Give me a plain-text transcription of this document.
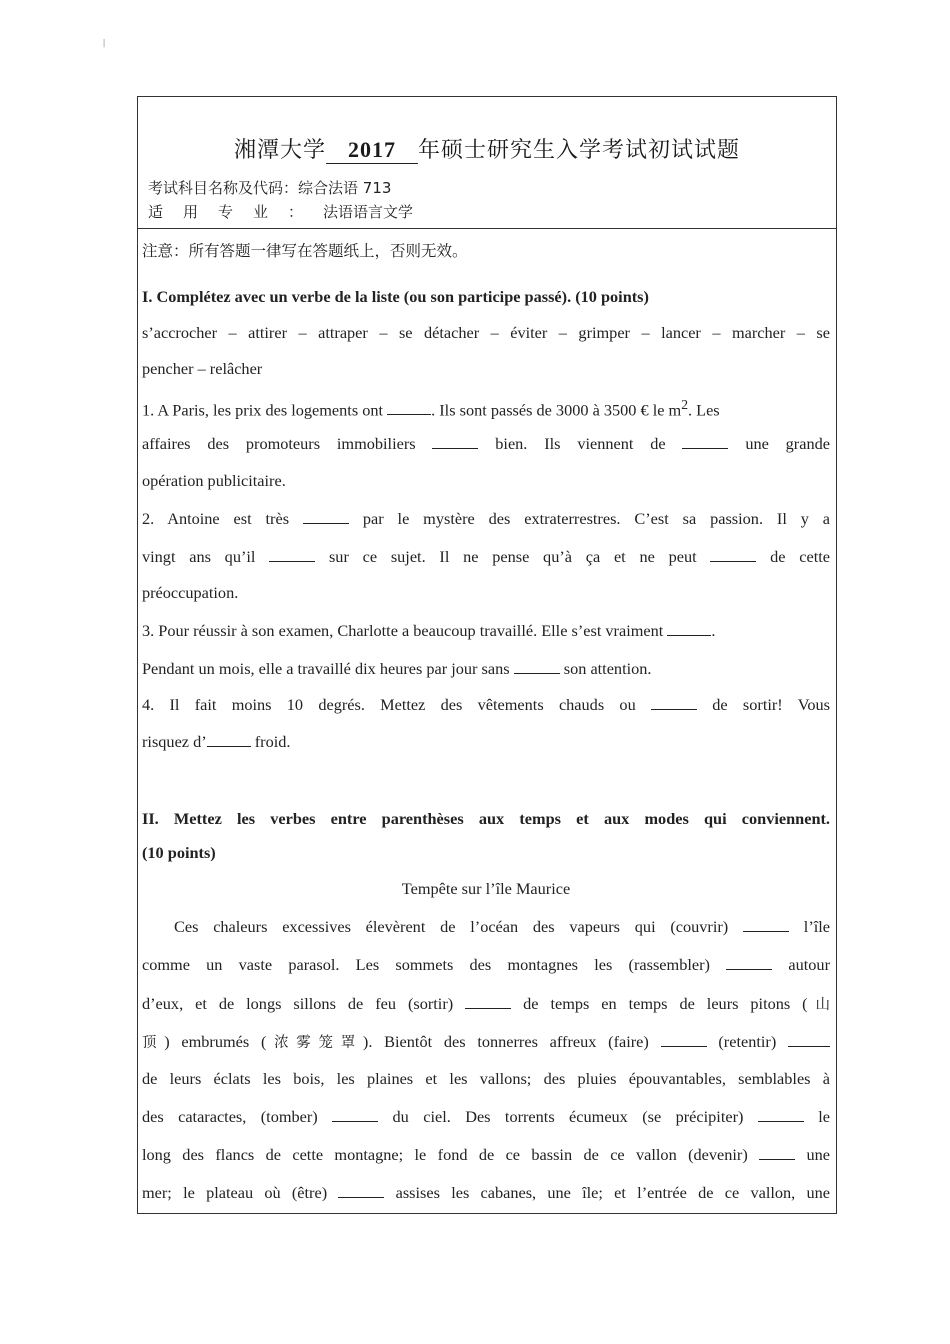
╵
湘潭大学 2017 年硕士研究生入学考试初试试题
考试科目名称及代码：综合法语 713
适用专业：法语语言文学
注意：所有答题一律写在答题纸上，否则无效。
I. Complétez avec un verbe de la liste (ou son participe passé). (10 points)
s’accrocher – attirer – attraper – se détacher – éviter – grimper – lancer – marcher – se
pencher – relâcher
1. A Paris, les prix des logements ont	. Ils sont passés de 3000 à 3500 € le $m^2$. Les
affaires des promoteurs immobiliers	bien. Ils viennent de	une grande
opération publicitaire.
2. Antoine est très	par le mystère des extraterrestres. C’est sa passion. Il y a
vingt ans qu’il	sur ce sujet. Il ne pense qu’à ça et ne peut	de cette
préoccupation.
3. Pour réussir à son examen, Charlotte a beaucoup travaillé. Elle s’est vraiment	.
Pendant un mois, elle a travaillé dix heures par jour sans	son attention.
4. Il fait moins 10 degrés. Mettez des vêtements chauds ou	de sortir! Vous
risquez d’	froid.
II. Mettez les verbes entre parenthèses aux temps et aux modes qui conviennent.
(10 points)
Tempête sur l’île Maurice
Ces chaleurs excessives élevèrent de l’océan des vapeurs qui (couvrir)	l’île
comme un vaste parasol. Les sommets des montagnes les (rassembler)	autour
d’eux, et de longs sillons de feu (sortir)	de temps en temps de leurs pitons (山
顶) embrumés (浓雾笼罩). Bientôt des tonnerres affreux (faire)	(retentir)
de leurs éclats les bois, les plaines et les vallons; des pluies épouvantables, semblables à
des cataractes, (tomber)	du ciel. Des torrents écumeux (se précipiter)	le
long des flancs de cette montagne; le fond de ce bassin de ce vallon (devenir)	une
mer; le plateau où (être)	assises les cabanes, une île; et l’entrée de ce vallon, une
